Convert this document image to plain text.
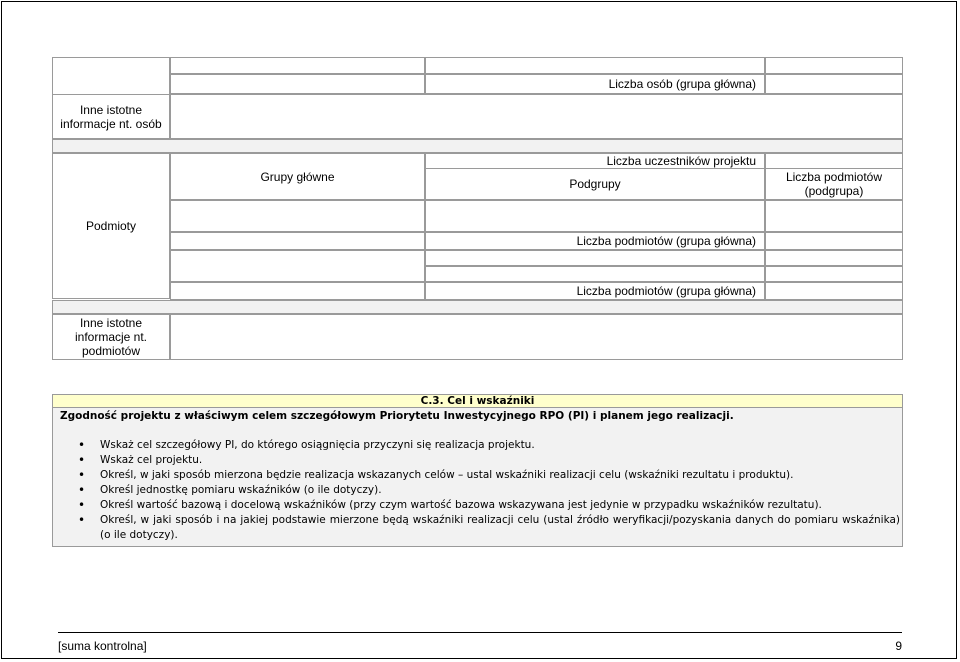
Liczba osób (grupa główna)
Inne istotne informacje nt. osób
Podmioty
Grupy główne
Podgrupy
Liczba uczestników projektu
Liczba podmiotów (podgrupa)
Liczba podmiotów (grupa główna)
Liczba podmiotów (grupa główna)
Inne istotne informacje nt. podmiotów
C.3. Cel i wskaźniki
Zgodność projektu z właściwym celem szczegółowym Priorytetu Inwestycyjnego RPO (PI) i planem jego realizacji.
• Wskaż cel szczegółowy PI, do którego osiągnięcia przyczyni się realizacja projektu.
• Wskaż cel projektu.
• Określ, w jaki sposób mierzona będzie realizacja wskazanych celów – ustal wskaźniki realizacji celu (wskaźniki rezultatu i produktu).
• Określ jednostkę pomiaru wskaźników (o ile dotyczy).
• Określ wartość bazową i docelową wskaźników (przy czym wartość bazowa wskazywana jest jedynie w przypadku wskaźników rezultatu).
• Określ, w jaki sposób i na jakiej podstawie mierzone będą wskaźniki realizacji celu (ustal źródło weryfikacji/pozyskania danych do pomiaru wskaźnika) (o ile dotyczy).
[suma kontrolna]	9
